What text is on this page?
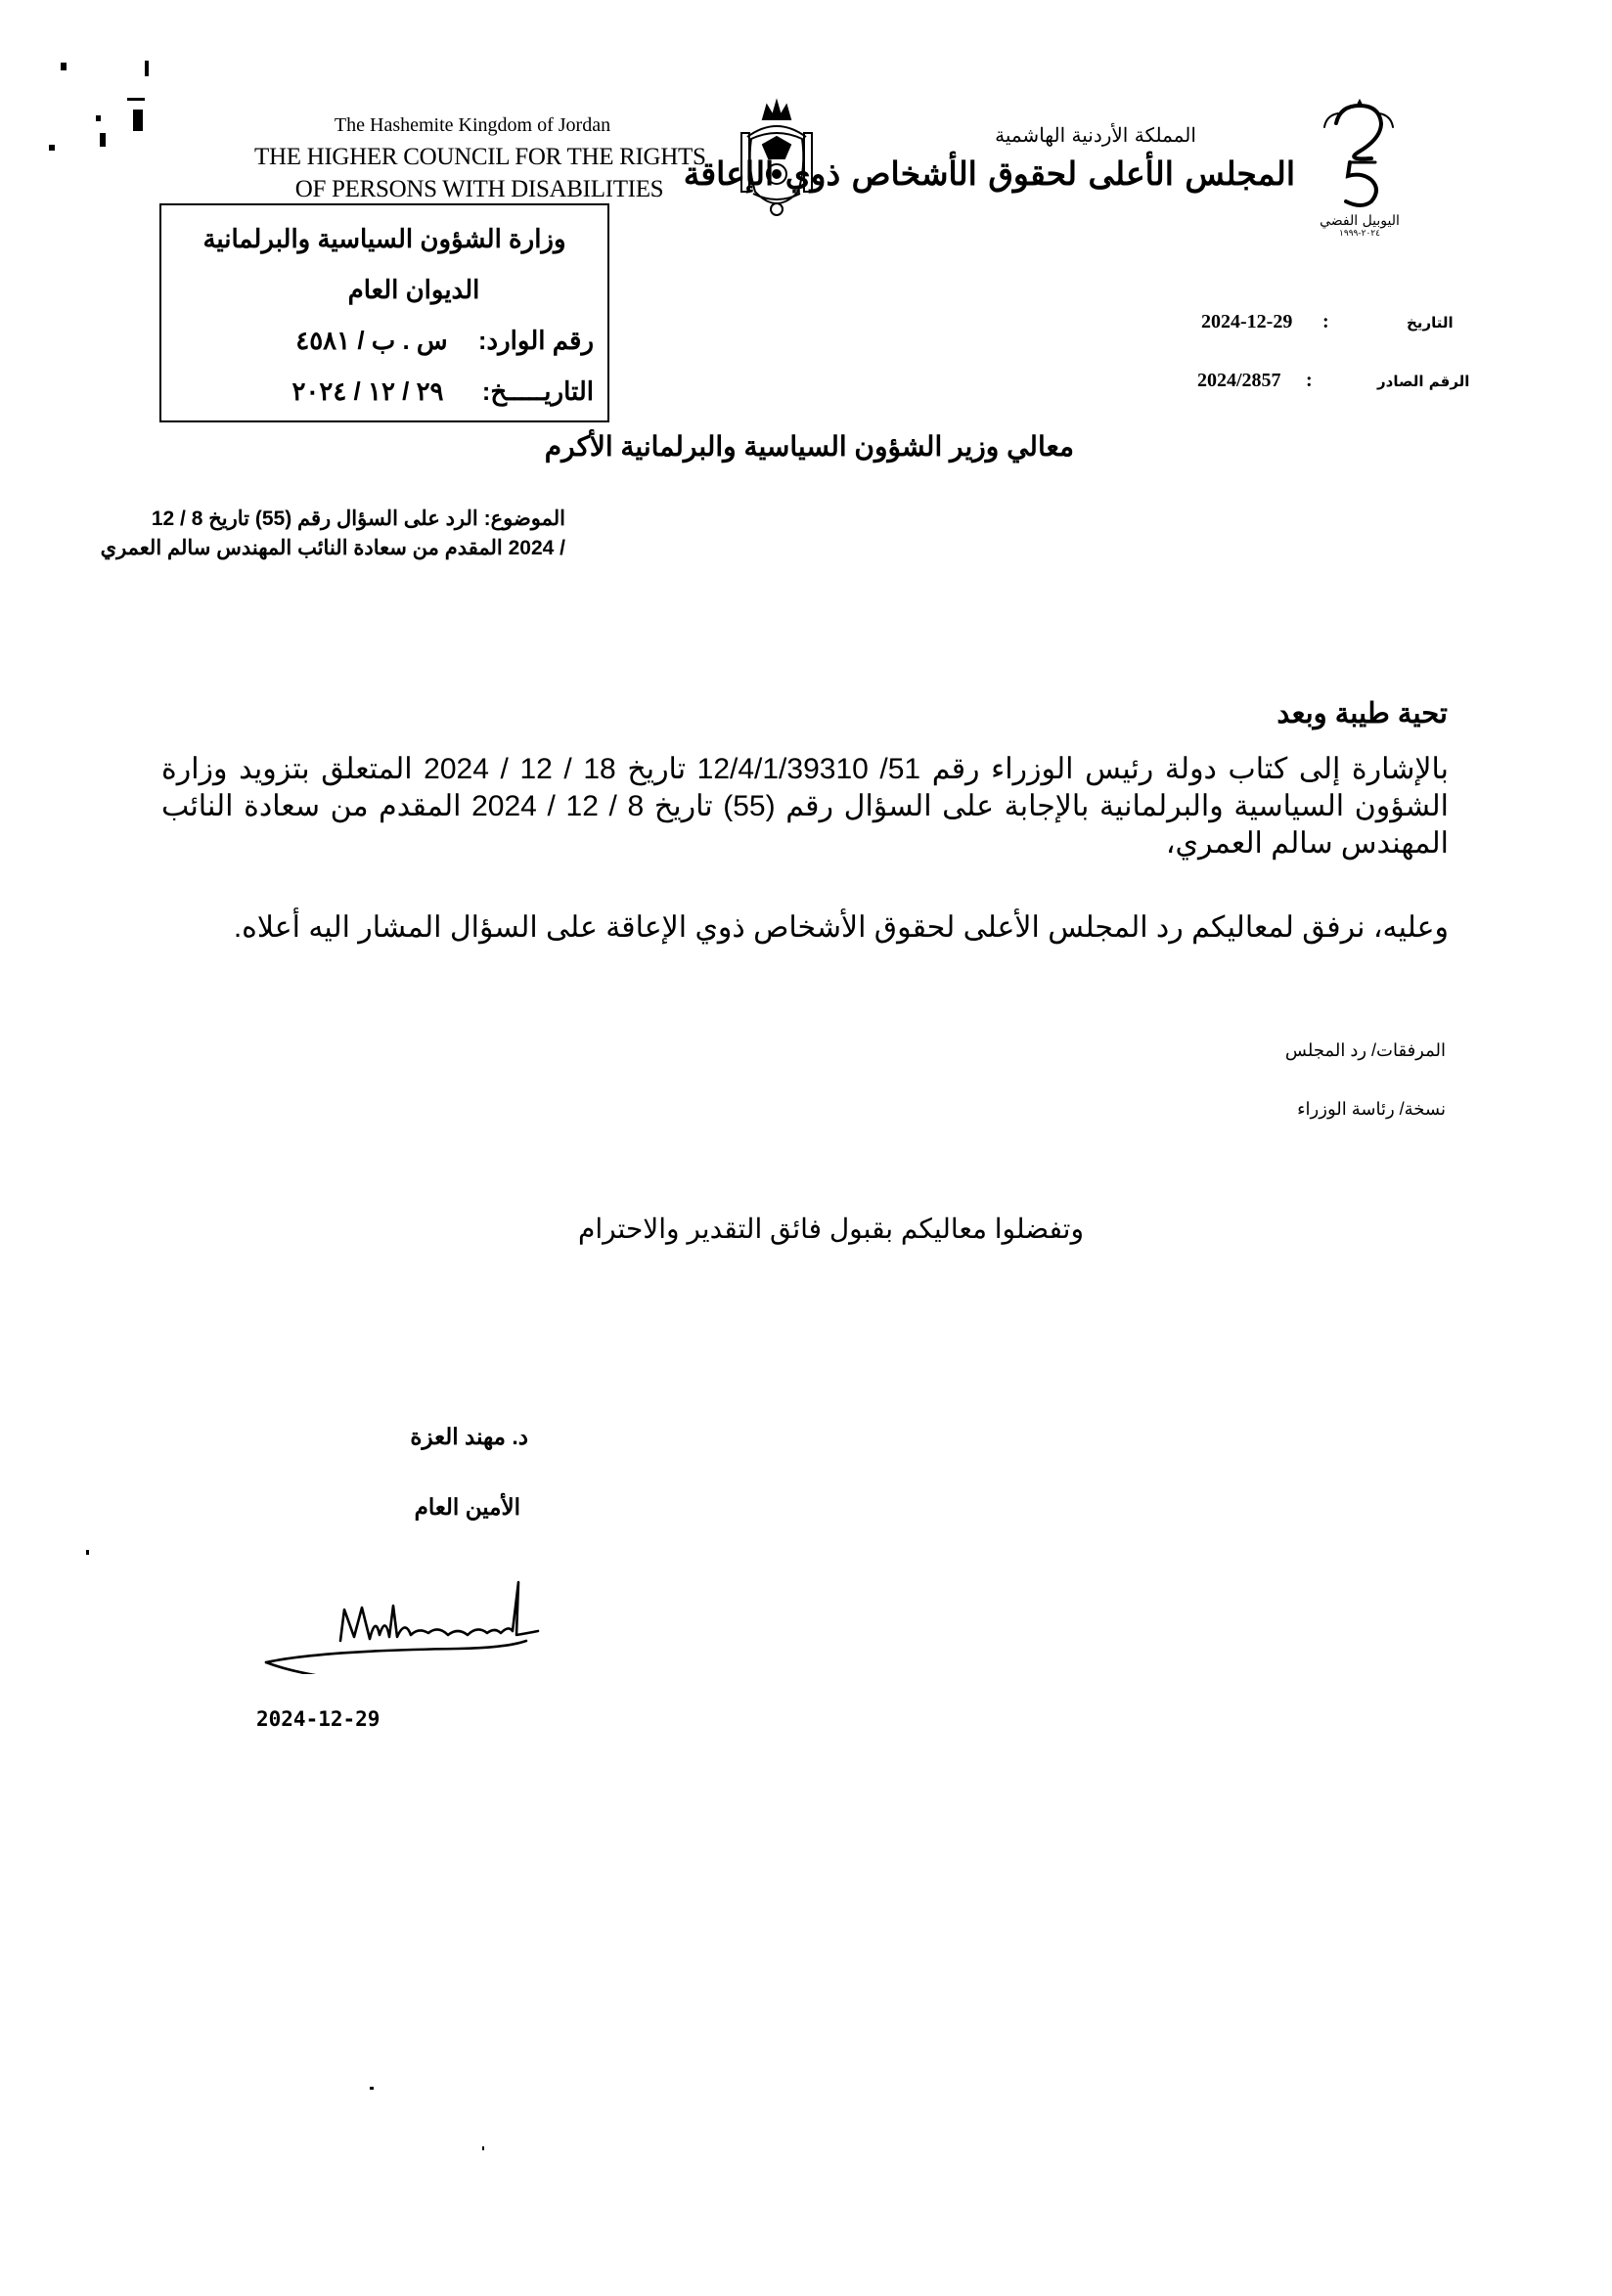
The Hashemite Kingdom of Jordan
THE HIGHER COUNCIL FOR THE RIGHTS
OF PERSONS WITH DISABILITIES
المملكة الأردنية الهاشمية
المجلس الأعلى لحقوق الأشخاص ذوي الإعاقة
اليوبيل الفضي
٢٠٢٤-١٩٩٩
وزارة الشؤون السياسية والبرلمانية
الديوان العام
رقم الوارد: س . ب / ٤٥٨١
التاريـــــخ: ٢٩ / ١٢ / ٢٠٢٤
2024-12-29 :	التاريخ
2024/2857 :	الرقم الصادر
معالي وزير الشؤون السياسية والبرلمانية الأكرم
الموضوع: الرد على السؤال رقم (55) تاريخ 8 / 12
/ 2024 المقدم من سعادة النائب المهندس سالم العمري
تحية طيبة وبعد
بالإشارة إلى كتاب دولة رئيس الوزراء رقم 51/ 12/4/1/39310 تاريخ 18 / 12 / 2024 المتعلق بتزويد وزارة الشؤون السياسية والبرلمانية بالإجابة على السؤال رقم (55) تاريخ 8 / 12 / 2024 المقدم من سعادة النائب المهندس سالم العمري،
وعليه، نرفق لمعاليكم رد المجلس الأعلى لحقوق الأشخاص ذوي الإعاقة على السؤال المشار اليه أعلاه.
المرفقات/ رد المجلس
نسخة/ رئاسة الوزراء
وتفضلوا معاليكم بقبول فائق التقدير والاحترام
د. مهند العزة
الأمين العام
2024-12-29
